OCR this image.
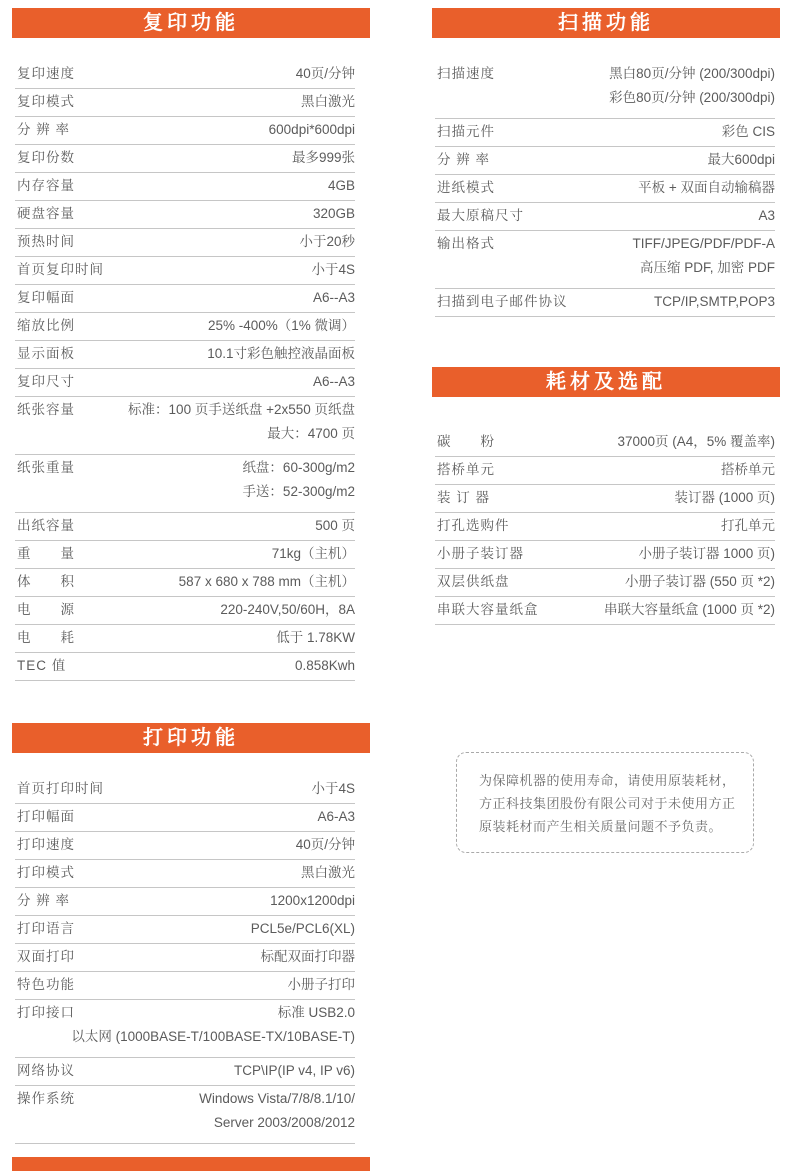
复印功能
复印速度	40页/分钟
复印模式	黑白激光
分 辨 率	600dpi*600dpi
复印份数	最多999张
内存容量	4GB
硬盘容量	320GB
预热时间	小于20秒
首页复印时间	小于4S
复印幅面	A6--A3
缩放比例	25% -400%（1% 微调）
显示面板	10.1寸彩色触控液晶面板
复印尺寸	A6--A3
纸张容量	标准：100 页手送纸盘 +2x550 页纸盘
最大：4700 页
纸张重量	纸盘：60-300g/m2
手送：52-300g/m2
出纸容量	500 页
重　　量	71kg（主机）
体　　积	587 x 680 x 788 mm（主机）
电　　源	220-240V,50/60H，8A
电　　耗	低于 1.78KW
TEC 值	0.858Kwh
打印功能
首页打印时间	小于4S
打印幅面	A6-A3
打印速度	40页/分钟
打印模式	黑白激光
分 辨 率	1200x1200dpi
打印语言	PCL5e/PCL6(XL)
双面打印	标配双面打印器
特色功能	小册子打印
打印接口	标准 USB2.0
以太网 (1000BASE-T/100BASE-TX/10BASE-T)
网络协议	TCP\IP(IP v4, IP v6)
操作系统	Windows Vista/7/8/8.1/10/
Server 2003/2008/2012
扫描功能
扫描速度	黑白80页/分钟 (200/300dpi)
彩色80页/分钟 (200/300dpi)
扫描元件	彩色 CIS
分 辨 率	最大600dpi
进纸模式	平板 + 双面自动输稿器
最大原稿尺寸	A3
输出格式	TIFF/JPEG/PDF/PDF-A
高压缩 PDF, 加密 PDF
扫描到电子邮件协议	TCP/IP,SMTP,POP3
耗材及选配
碳　　粉	37000页 (A4，5% 覆盖率)
搭桥单元	搭桥单元
装 订 器	装订器 (1000 页)
打孔选购件	打孔单元
小册子装订器	小册子装订器 1000 页)
双层供纸盘	小册子装订器 (550 页 *2)
串联大容量纸盒	串联大容量纸盒 (1000 页 *2)
为保障机器的使用寿命，请使用原装耗材，方正科技集团股份有限公司对于未使用方正原装耗材而产生相关质量问题不予负责。
